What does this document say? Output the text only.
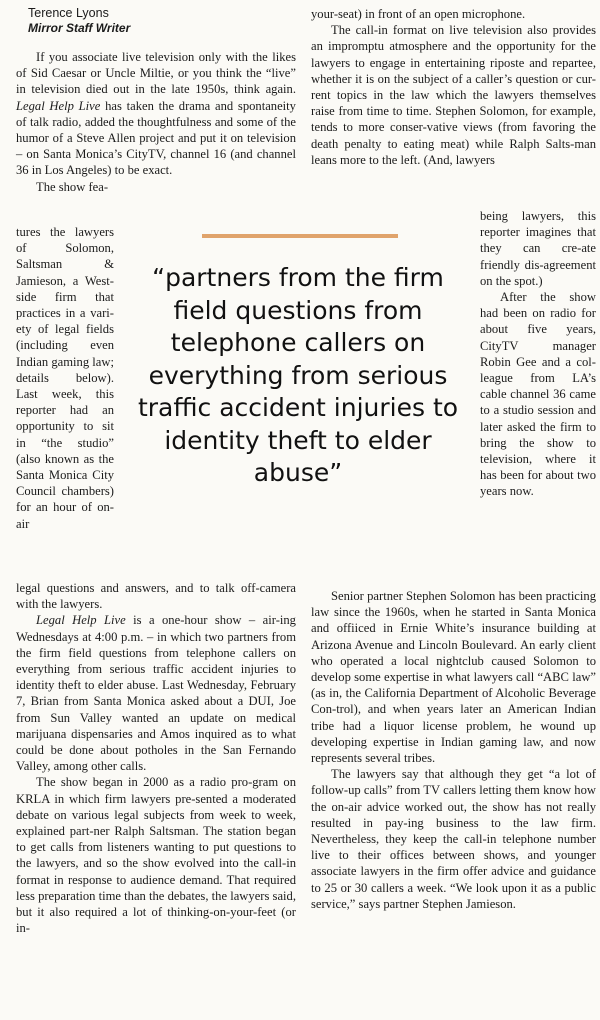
Terence Lyons
Mirror Staff Writer

If you associate live television only with the likes of Sid Caesar or Uncle Miltie, or you think the “live” in television died out in the late 1950s, think again. Legal Help Live has taken the drama and spontaneity of talk radio, added the thoughtfulness and some of the humor of a Steve Allen project and put it on television – on Santa Monica’s CityTV, channel 16 (and channel 36 in Los Angeles) to be exact.

The show fea-

tures the lawyers of Solomon, Saltsman & Jamieson, a West-side firm that practices in a vari-ety of legal fields (including even Indian gaming law; details below). Last week, this reporter had an opportunity to sit in “the studio” (also known as the Santa Monica City Council chambers) for an hour of on-air

legal questions and answers, and to talk off-camera with the lawyers.

Legal Help Live is a one-hour show – air-ing Wednesdays at 4:00 p.m. – in which two partners from the firm field questions from telephone callers on everything from serious traffic accident injuries to identity theft to elder abuse. Last Wednesday, February 7, Brian from Santa Monica asked about a DUI, Joe from Sun Valley wanted an update on medical marijuana dispensaries and Amos inquired as to what could be done about potholes in the San Fernando Valley, among other calls.

The show began in 2000 as a radio pro-gram on KRLA in which firm lawyers pre-sented a moderated debate on various legal subjects from week to week, explained part-ner Ralph Saltsman. The station began to get calls from listeners wanting to put questions to the lawyers, and so the show evolved into the call-in format in response to audience demand. That required less preparation time than the debates, the lawyers said, but it also required a lot of thinking-on-your-feet (or in-

your-seat) in front of an open microphone.

The call-in format on live television also provides an impromptu atmosphere and the opportunity for the lawyers to engage in entertaining riposte and repartee, whether it is on the subject of a caller’s question or cur-rent topics in the law which the lawyers themselves raise from time to time. Stephen Solomon, for example, tends to more conser-vative views (from favoring the death penalty to eating meat) while Ralph Salts-man leans more to the left. (And, lawyers

being lawyers, this reporter imagines that they can cre-ate friendly dis-agreement on the spot.)
After the show had been on radio for about five years, CityTV manager Robin Gee and a col-league from LA’s cable channel 36 came to a studio session and later asked the firm to bring the show to television, where it has been for about two years now.

Senior partner Stephen Solomon has been practicing law since the 1960s, when he started in Santa Monica and offiiced in Ernie White’s insurance building at Arizona Avenue and Lincoln Boulevard. An early client who operated a local nightclub caused Solomon to develop some expertise in what lawyers call “ABC law” (as in, the California Department of Alcoholic Beverage Con-trol), and when years later an American Indian tribe had a liquor license problem, he wound up developing expertise in Indian gaming law, and now represents several tribes.

The lawyers say that although they get “a lot of follow-up calls” from TV callers letting them know how the on-air advice worked out, the show has not really resulted in pay-ing business to the law firm. Nevertheless, they keep the call-in telephone number live to their offices between shows, and younger associate lawyers in the firm offer advice and guidance to 25 or 30 callers a week. “We look upon it as a public service,” says partner Stephen Jamieson.

“partners from the firm field questions from telephone callers on everything from serious traffic accident injuries to identity theft to elder abuse”
